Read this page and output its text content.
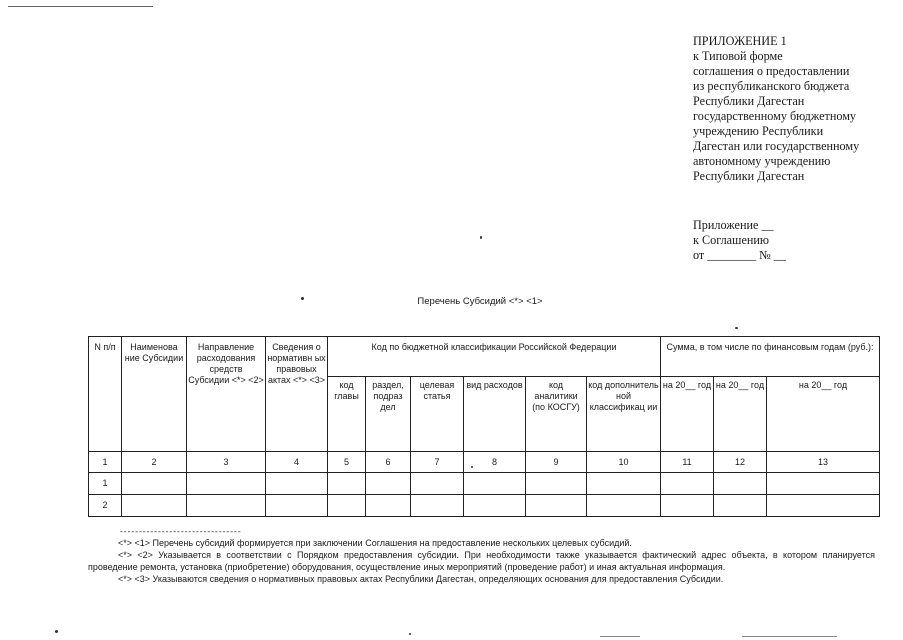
ПРИЛОЖЕНИЕ 1
к Типовой форме
соглашения о предоставлении
из республиканского бюджета
Республики Дагестан
государственному бюджетному
учреждению Республики
Дагестан или государственному
автономному учреждению
Республики Дагестан
Приложение __
к Соглашению
от ________ № __
Перечень Субсидий <*> <1>
N п/п	Наименова ние Субсидии	Направление расходования средств Субсидии <*> <2>	Сведения о нормативн ых правовых актах <*> <3>	Код по бюджетной классификации Российской Федерации						Сумма, в том числе по финансовым годам (руб.):		
				код главы	раздел, подраз дел	целевая статья	вид расходов	код аналитики (по КОСГУ)	код дополнитель ной классификац ии	на 20__ год	на 20__ год	на 20__ год
1	2	3	4	5	6	7	8	9	10	11	12	13
1												
2												
--------------------------------

<*> <1> Перечень субсидий формируется при заключении Соглашения на предоставление нескольких целевых субсидий.

<*> <2> Указывается в соответствии с Порядком предоставления субсидии. При необходимости также указывается фактический адрес объекта, в котором планируется проведение ремонта, установка (приобретение) оборудования, осуществление иных мероприятий (проведение работ) и иная актуальная информация.

<*> <3> Указываются сведения о нормативных правовых актах Республики Дагестан, определяющих основания для предоставления Субсидии.
